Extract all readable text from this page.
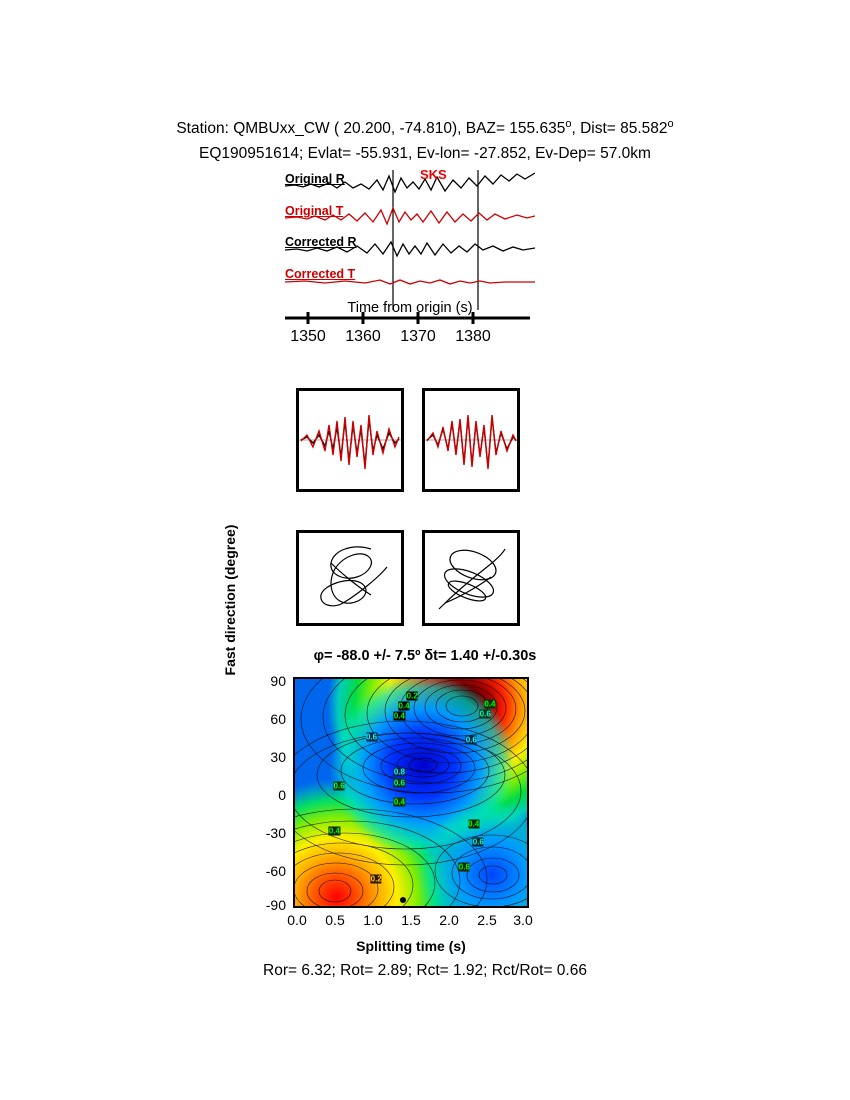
Station: QMBUxx_CW ( 20.200, -74.810), $BAZ= 155.635^o$, Dist= $85.582^o$
EQ190951614; Evlat= -55.931, Ev-lon= -27.852, Ev-Dep= 57.0km
SKS
Original R
Original T
Corrected R
Corrected T
Time from origin (s)
1350 1360 1370 1380
φ= -88.0 +/- 7.5º δt= 1.40 +/-0.30s
Fast direction (degree)
90
60
30
0
-30
-60
-90
0.2
0.4
0.4
0.4
0.6
0.6	0.6
0.8
0.6
0.6
0.4
0.4
0.4
0.6
0.6
0.2
0.0 0.5 1.0 1.5 2.0 2.5 3.0
Splitting time (s)
Ror= 6.32; Rot= 2.89; Rct= 1.92; Rct/Rot= 0.66
